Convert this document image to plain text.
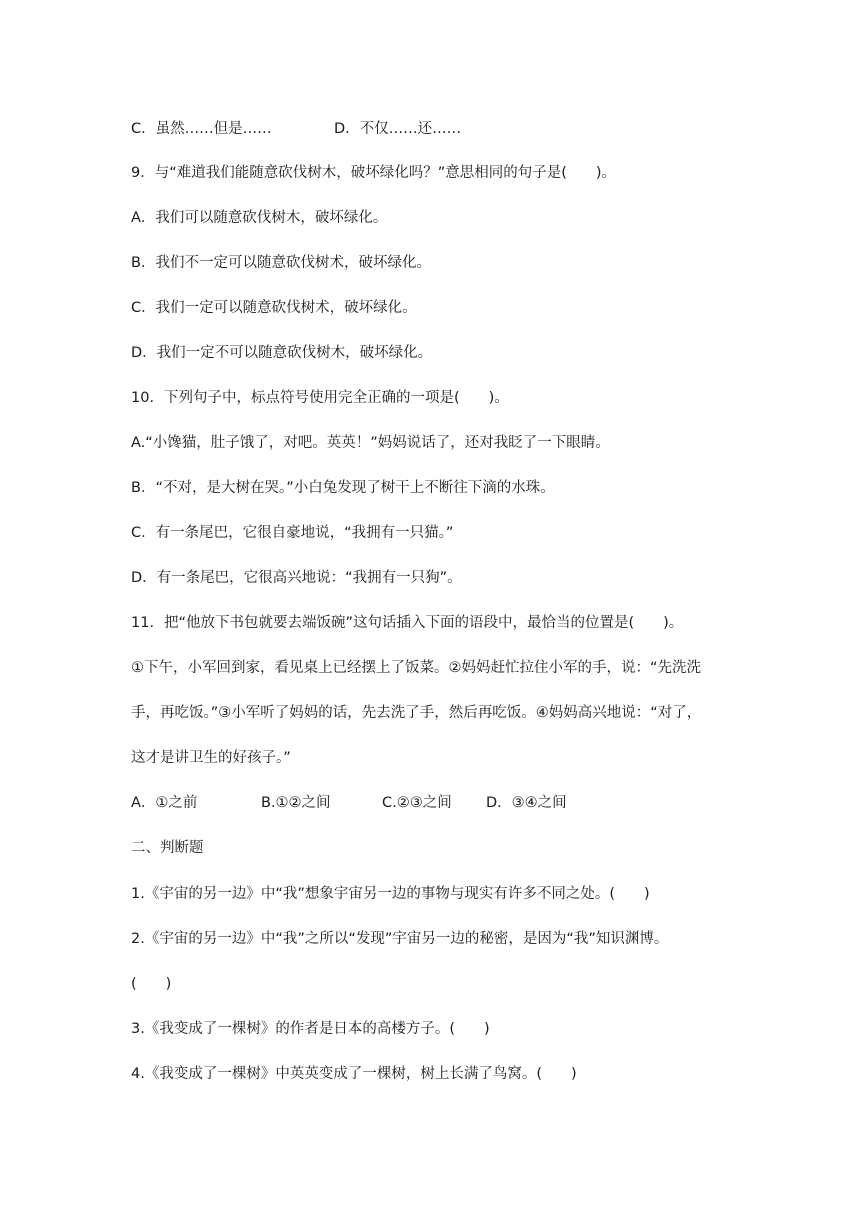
C．虽然……但是……	D．不仅……还……
9．与“难道我们能随意砍伐树木，破坏绿化吗？”意思相同的句子是(　　)。
A．我们可以随意砍伐树木，破坏绿化。
B．我们不一定可以随意砍伐树术，破坏绿化。
C．我们一定可以随意砍伐树术，破坏绿化。
D．我们一定不可以随意砍伐树木，破坏绿化。
10．下列句子中，标点符号使用完全正确的一项是(　　)。
A.“小馋猫，肚子饿了，对吧。英英！”妈妈说话了，还对我眨了一下眼睛。
B．“不对，是大树在哭。”小白兔发现了树干上不断往下滴的水珠。
C．有一条尾巴，它很自豪地说，“我拥有一只猫。”
D．有一条尾巴，它很高兴地说：“我拥有一只狗”。
11．把“他放下书包就要去端饭碗”这句话插入下面的语段中，最恰当的位置是(　　)。
①下午，小军回到家，看见桌上已经摆上了饭菜。②妈妈赶忙拉住小军的手，说：“先洗洗
手，再吃饭。”③小军听了妈妈的话，先去洗了手，然后再吃饭。④妈妈高兴地说：“对了，
这才是讲卫生的好孩子。”
A．①之前	B.①②之间	C.②③之间 D．③④之间
二、判断题
1.《宇宙的另一边》中“我”想象宇宙另一边的事物与现实有许多不同之处。(　　)
2.《宇宙的另一边》中“我”之所以“发现”宇宙另一边的秘密，是因为“我”知识渊博。
(　　)
3.《我变成了一棵树》的作者是日本的高楼方子。(　　)
4.《我变成了一棵树》中英英变成了一棵树，树上长满了鸟窝。(　　)
